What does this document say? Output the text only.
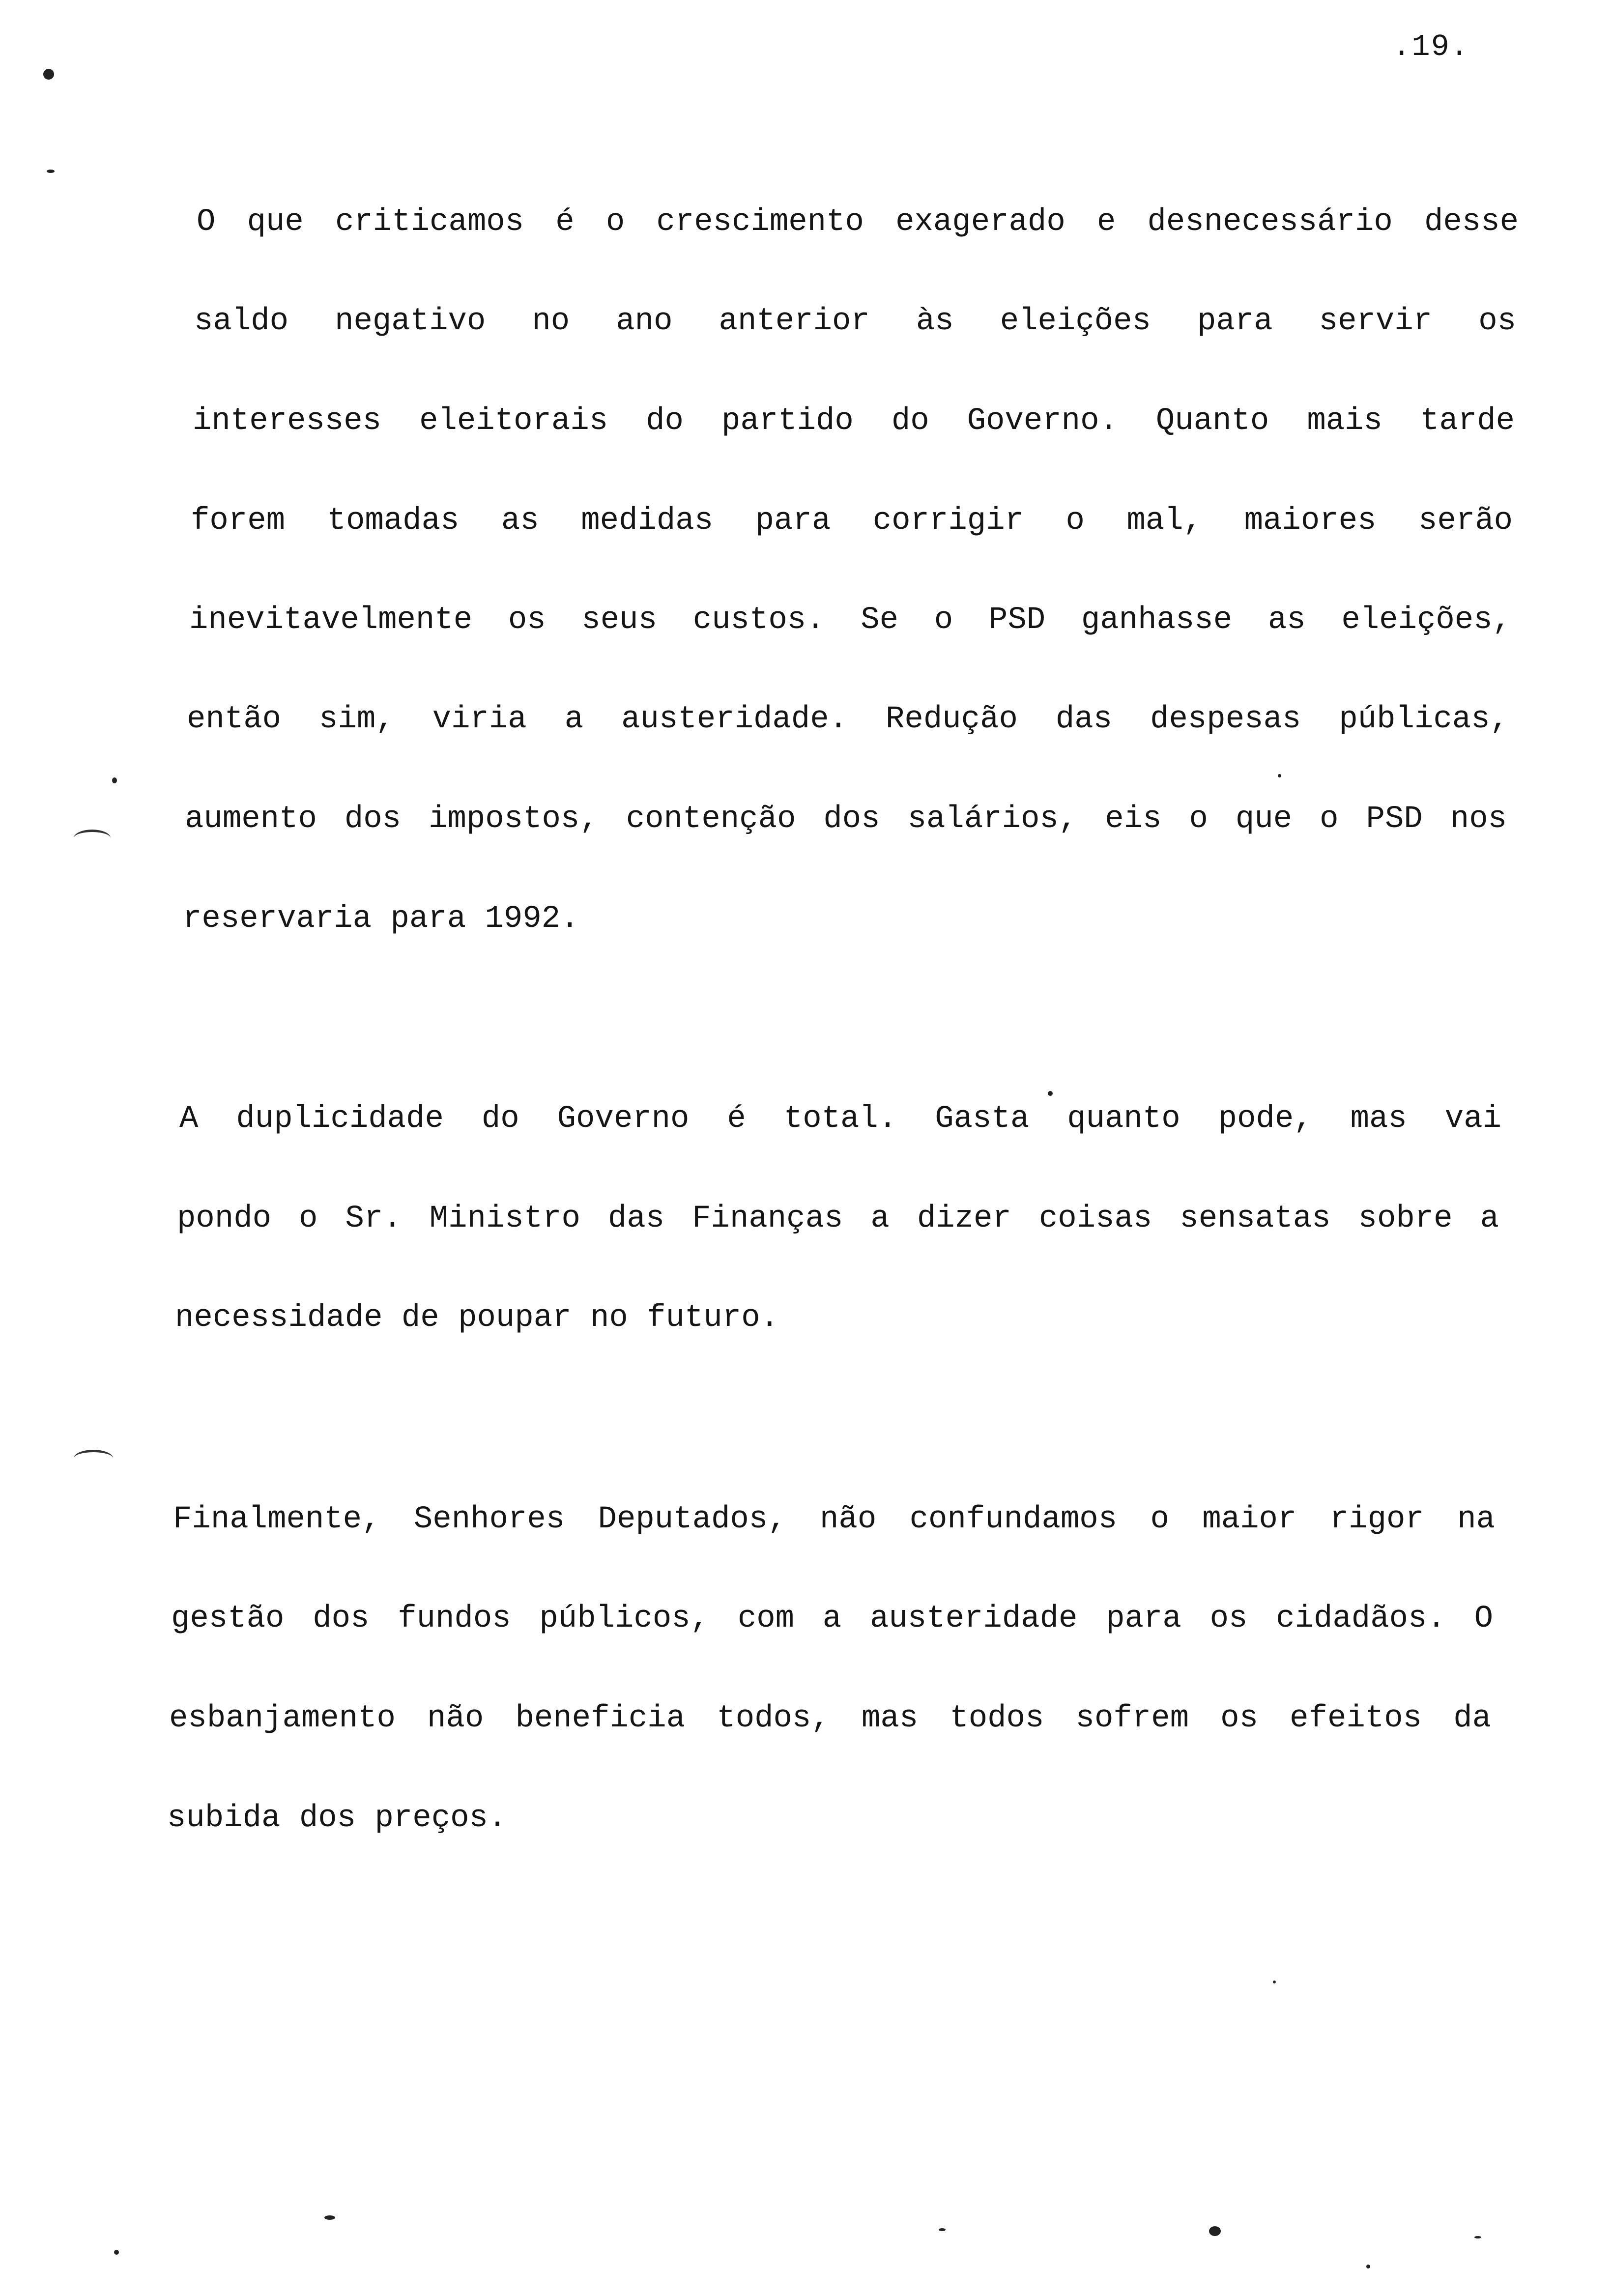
.19.
O que criticamos é o crescimento exagerado e desnecessário desse
saldo negativo no ano anterior às eleições para servir os
interesses eleitorais do partido do Governo. Quanto mais tarde
forem tomadas as medidas para corrigir o mal, maiores serão
inevitavelmente os seus custos. Se o PSD ganhasse as eleições,
então sim, viria a austeridade. Redução das despesas públicas,
aumento dos impostos, contenção dos salários, eis o que o PSD nos
reservaria para 1992.
A duplicidade do Governo é total. Gasta quanto pode, mas vai
pondo o Sr. Ministro das Finanças a dizer coisas sensatas sobre a
necessidade de poupar no futuro.
Finalmente, Senhores Deputados, não confundamos o maior rigor na
gestão dos fundos públicos, com a austeridade para os cidadãos. O
esbanjamento não beneficia todos, mas todos sofrem os efeitos da
subida dos preços.
